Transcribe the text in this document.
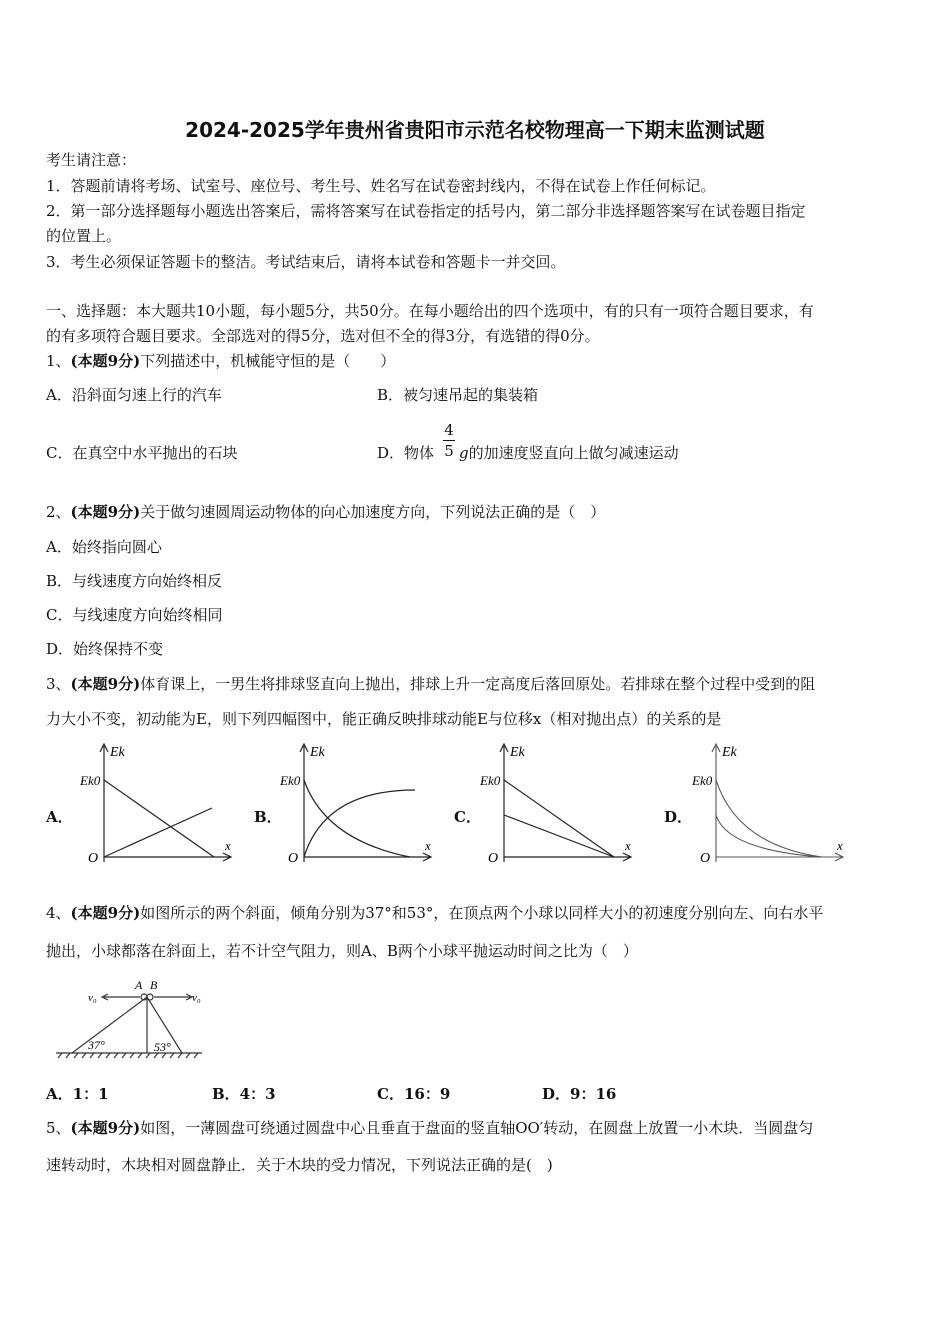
2024-2025学年贵州省贵阳市示范名校物理高一下期末监测试题
考生请注意：
1．答题前请将考场、试室号、座位号、考生号、姓名写在试卷密封线内，不得在试卷上作任何标记。
2．第一部分选择题每小题选出答案后，需将答案写在试卷指定的括号内，第二部分非选择题答案写在试卷题目指定
的位置上。
3．考生必须保证答题卡的整洁。考试结束后，请将本试卷和答题卡一并交回。
一、选择题：本大题共10小题，每小题5分，共50分。在每小题给出的四个选项中，有的只有一项符合题目要求，有
的有多项符合题目要求。全部选对的得5分，选对但不全的得3分，有选错的得0分。
1、(本题9分)下列描述中，机械能守恒的是（　　）
A．沿斜面匀速上行的汽车	B．被匀速吊起的集装箱
C．在真空中水平抛出的石块	D．物体 $\frac{4}{5}$ g的加速度竖直向上做匀减速运动
2、(本题9分)关于做匀速圆周运动物体的向心加速度方向，下列说法正确的是（　）
A．始终指向圆心
B．与线速度方向始终相反
C．与线速度方向始终相同
D．始终保持不变
3、(本题9分)体育课上，一男生将排球竖直向上抛出，排球上升一定高度后落回原处。若排球在整个过程中受到的阻
力大小不变，初动能为E，则下列四幅图中，能正确反映排球动能E与位移x（相对抛出点）的关系的是
A．	B．	C．	D．
Ek
Ek0
O
x
Ek
Ek0
O
x
Ek
Ek0
O
x
Ek
Ek0
O
x
4、(本题9分)如图所示的两个斜面，倾角分别为37°和53°，在顶点两个小球以同样大小的初速度分别向左、向右水平
抛出，小球都落在斜面上，若不计空气阻力，则A、B两个小球平抛运动时间之比为（　）
A B
v₀	v₀
37°	53°
A．1：1	B．4：3	C．16：9	D．9：16
5、(本题9分)如图，一薄圆盘可绕通过圆盘中心且垂直于盘面的竖直轴OO′转动，在圆盘上放置一小木块．当圆盘匀
速转动时，木块相对圆盘静止．关于木块的受力情况，下列说法正确的是(　)
